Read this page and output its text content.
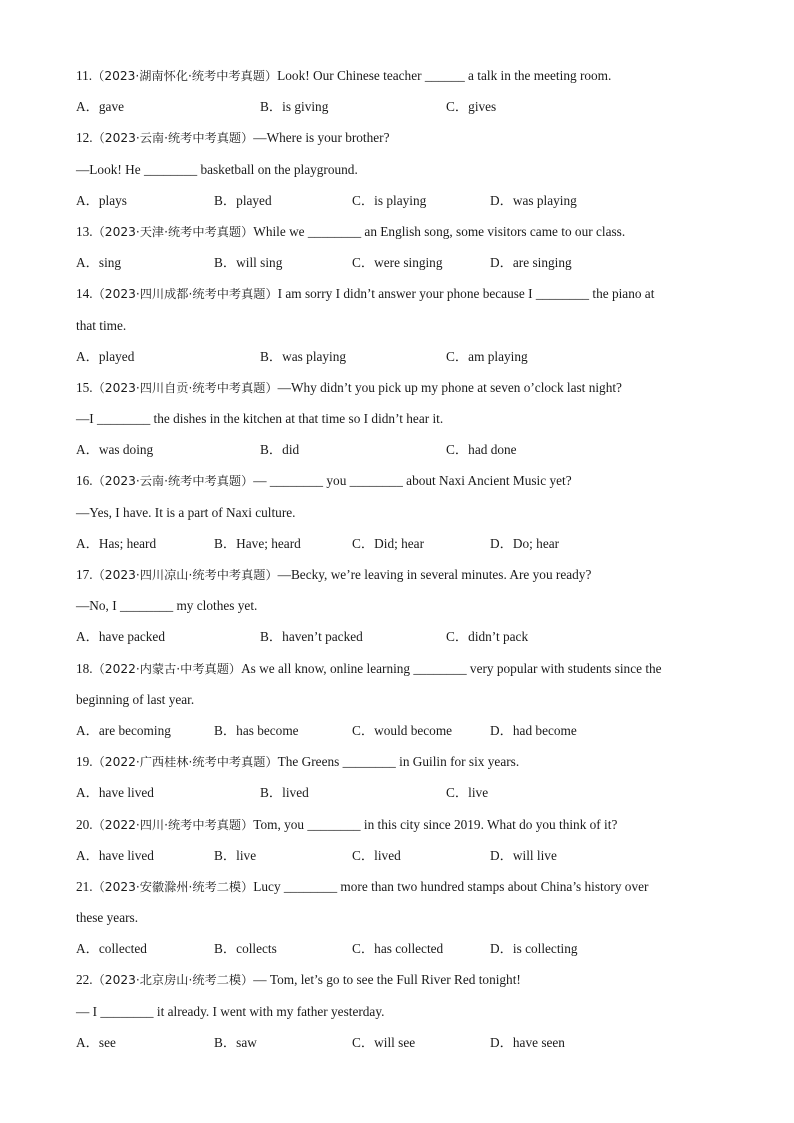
11.（2023·湖南怀化·统考中考真题）Look! Our Chinese teacher ______ a talk in the meeting room.
A．gave	B．is giving	C．gives
12.（2023·云南·统考中考真题）—Where is your brother?
—Look! He ________ basketball on the playground.
A．plays	B．played	C．is playing	D．was playing
13.（2023·天津·统考中考真题）While we ________ an English song, some visitors came to our class.
A．sing	B．will sing	C．were singing	D．are singing
14.（2023·四川成都·统考中考真题）I am sorry I didn’t answer your phone because I ________ the piano at
that time.
A．played	B．was playing	C．am playing
15.（2023·四川自贡·统考中考真题）—Why didn’t you pick up my phone at seven o’clock last night?
—I ________ the dishes in the kitchen at that time so I didn’t hear it.
A．was doing	B．did	C．had done
16.（2023·云南·统考中考真题）— ________ you ________ about Naxi Ancient Music yet?
—Yes, I have. It is a part of Naxi culture.
A．Has; heard	B．Have; heard	C．Did; hear	D．Do; hear
17.（2023·四川凉山·统考中考真题）—Becky, we’re leaving in several minutes. Are you ready?
—No, I ________ my clothes yet.
A．have packed	B．haven’t packed	C．didn’t pack
18.（2022·内蒙古·中考真题）As we all know, online learning ________ very popular with students since the
beginning of last year.
A．are becoming	B．has become	C．would become	D．had become
19.（2022·广西桂林·统考中考真题）The Greens ________ in Guilin for six years.
A．have lived	B．lived	C．live
20.（2022·四川·统考中考真题）Tom, you ________ in this city since 2019. What do you think of it?
A．have lived	B．live	C．lived	D．will live
21.（2023·安徽滁州·统考二模）Lucy ________ more than two hundred stamps about China’s history over
these years.
A．collected	B．collects	C．has collected	D．is collecting
22.（2023·北京房山·统考二模）— Tom, let’s go to see the Full River Red tonight!
— I ________ it already. I went with my father yesterday.
A．see	B．saw	C．will see	D．have seen
